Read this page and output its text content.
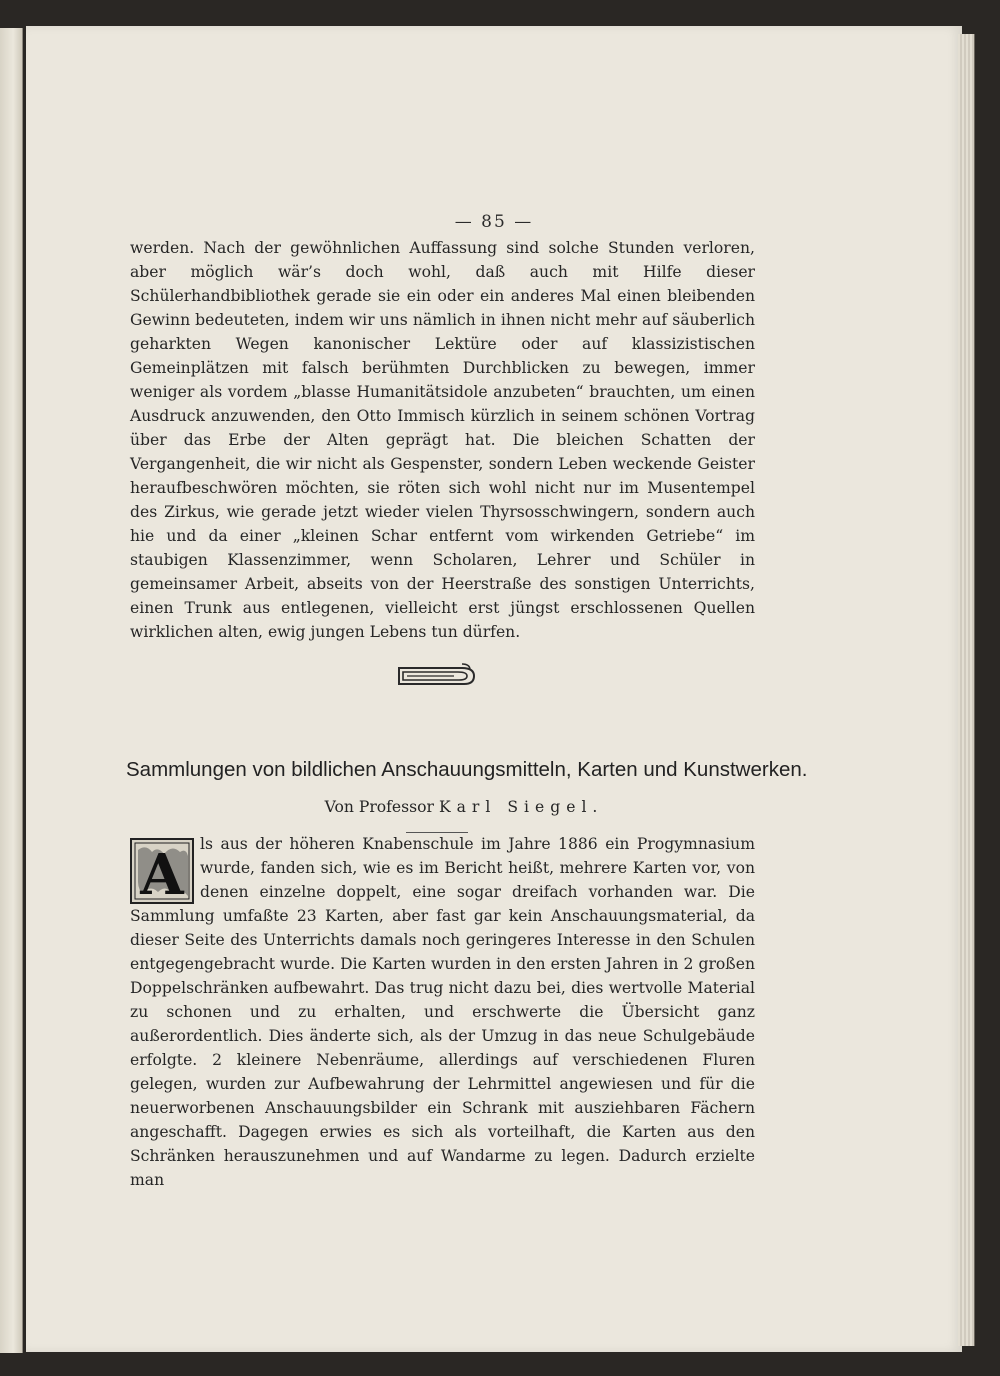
— 85 —

werden. Nach der gewöhnlichen Auffassung sind solche Stunden verloren, aber möglich wär’s doch wohl, daß auch mit Hilfe dieser Schülerhandbibliothek gerade sie ein oder ein anderes Mal einen bleibenden Gewinn bedeuteten, indem wir uns nämlich in ihnen nicht mehr auf säuberlich geharkten Wegen kanonischer Lektüre oder auf klassizistischen Gemeinplätzen mit falsch berühmten Durchblicken zu bewegen, immer weniger als vordem „blasse Humanitätsidole anzubeten“ brauchten, um einen Ausdruck anzuwenden, den Otto Immisch kürzlich in seinem schönen Vortrag über das Erbe der Alten geprägt hat. Die bleichen Schatten der Vergangenheit, die wir nicht als Gespenster, sondern Leben weckende Geister heraufbeschwören möchten, sie röten sich wohl nicht nur im Musentempel des Zirkus, wie gerade jetzt wieder vielen Thyrsosschwingern, sondern auch hie und da einer „kleinen Schar entfernt vom wirkenden Getriebe“ im staubigen Klassenzimmer, wenn Scholaren, Lehrer und Schüler in gemeinsamer Arbeit, abseits von der Heerstraße des sonstigen Unterrichts, einen Trunk aus entlegenen, vielleicht erst jüngst erschlossenen Quellen wirklichen alten, ewig jungen Lebens tun dürfen.

Sammlungen von bildlichen Anschauungsmitteln, Karten und Kunstwerken.
Von Professor Karl Siegel.
A	ls aus der höheren Knabenschule im Jahre 1886 ein Progymnasium wurde, fanden sich, wie es im Bericht heißt, mehrere Karten vor, von denen einzelne doppelt, eine sogar dreifach vorhanden war. Die Sammlung umfaßte 23 Karten, aber fast gar kein Anschauungsmaterial, da dieser Seite des Unterrichts damals noch geringeres Interesse in den Schulen entgegengebracht wurde. Die Karten wurden in den ersten Jahren in 2 großen Doppelschränken aufbewahrt. Das trug nicht dazu bei, dies wertvolle Material zu schonen und zu erhalten, und erschwerte die Übersicht ganz außerordentlich. Dies änderte sich, als der Umzug in das neue Schulgebäude erfolgte. 2 kleinere Nebenräume, allerdings auf verschiedenen Fluren gelegen, wurden zur Aufbewahrung der Lehrmittel angewiesen und für die neuerworbenen Anschauungsbilder ein Schrank mit ausziehbaren Fächern angeschafft. Dagegen erwies es sich als vorteilhaft, die Karten aus den Schränken herauszunehmen und auf Wandarme zu legen. Dadurch erzielte man
